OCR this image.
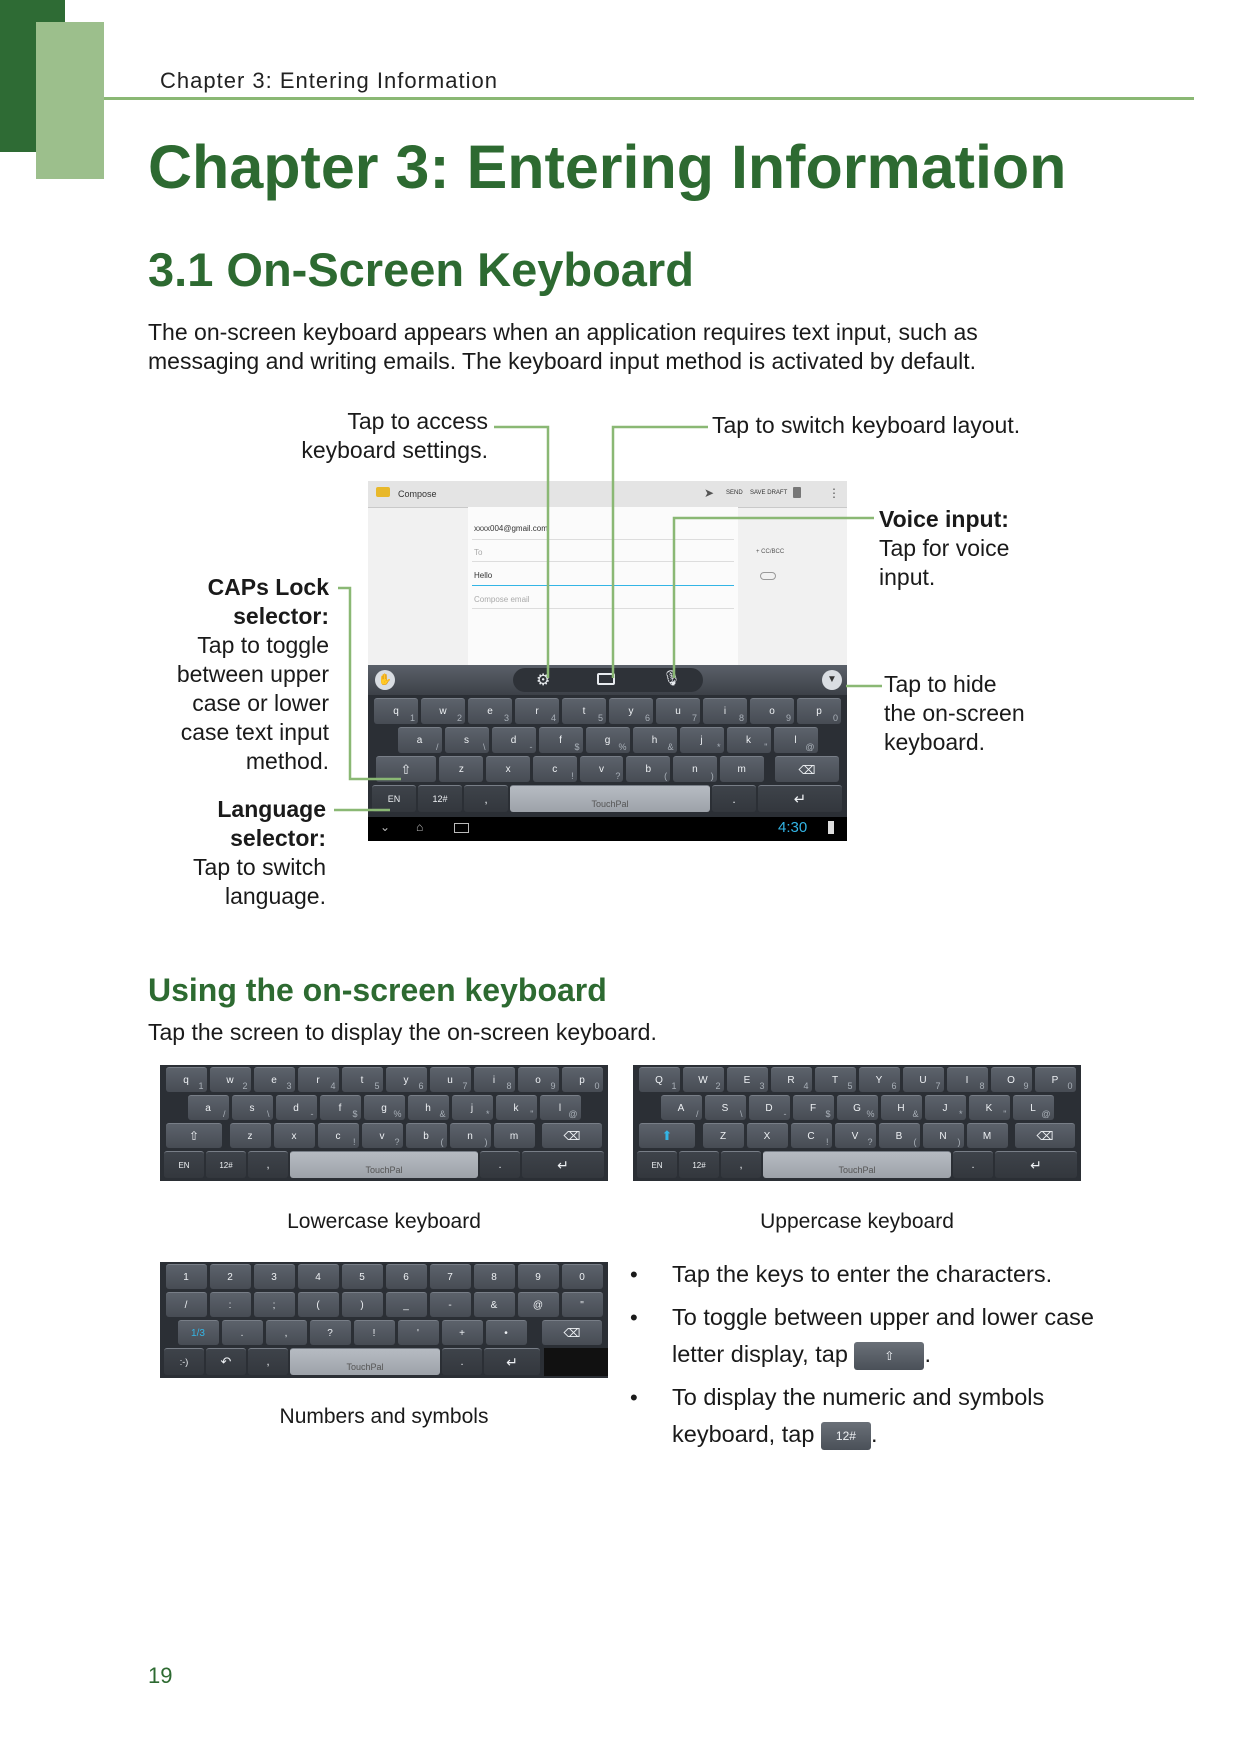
Chapter 3: Entering Information
Chapter 3: Entering Information
3.1 On-Screen Keyboard
The on-screen keyboard appears when an application requires text input, such as messaging and writing emails. The keyboard input method is activated by default.
Compose	➤ SEND SAVE DRAFT	⋮
xxxx004@gmail.com
To
Hello
Compose email
+ CC/BCC
✋	⚙	🎙	▼
q
1
w
2
e
3
r
4
t
5
y
6
u
7
i
8
o
9
p
0
a
/
s
\
d
-
f
$
g
%
h
&
j
*
k
"
l
@
⇧	z	x	c
!
v
?
b
(
n
)
m	⌫
EN	12#	,	TouchPal	.	↵
⌄ ⌂	4:30
Tap to access
keyboard settings.
Tap to switch keyboard layout.
Voice input:
Tap for voice
input.
Tap to hide
the on-screen
keyboard.
CAPs Lock
selector:
Tap to toggle
between upper
case or lower
case text input
method.
Language
selector:
Tap to switch
language.
Using the on-screen keyboard
Tap the screen to display the on-screen keyboard.
q
1
w
2
e
3
r
4
t
5
y
6
u
7
i
8
o
9
p
0
a
/
s
\
d
-
f
$
g
%
h
&
j
*
k
"
l
@
⇧	z	x	c
!
v
?
b
(
n
)
m	⌫
EN	12#	,	TouchPal	.	↵
Q
1
W
2
E
3
R
4
T
5
Y
6
U
7
I
8
O
9
P
0
A
/
S
\
D
-
F
$
G
%
H
&
J
*
K
"
L
@
⬆	Z	X	C
!
V
?
B
(
N
)
M	⌫
EN	12#	,	TouchPal	.	↵
Lowercase keyboard	Uppercase keyboard
1	2	3	4	5	6	7	8	9	0
/	:	;	(	)	_	-	&	@	"
1/3	.	,	?	!	'	+	•	⌫
:-)	↶	,	TouchPal	.	↵
Numbers and symbols
• Tap the keys to enter the characters.
• To toggle between upper and lower case letter display, tap	⇧ .
• To display the numeric and symbols keyboard, tap 12# .
19
